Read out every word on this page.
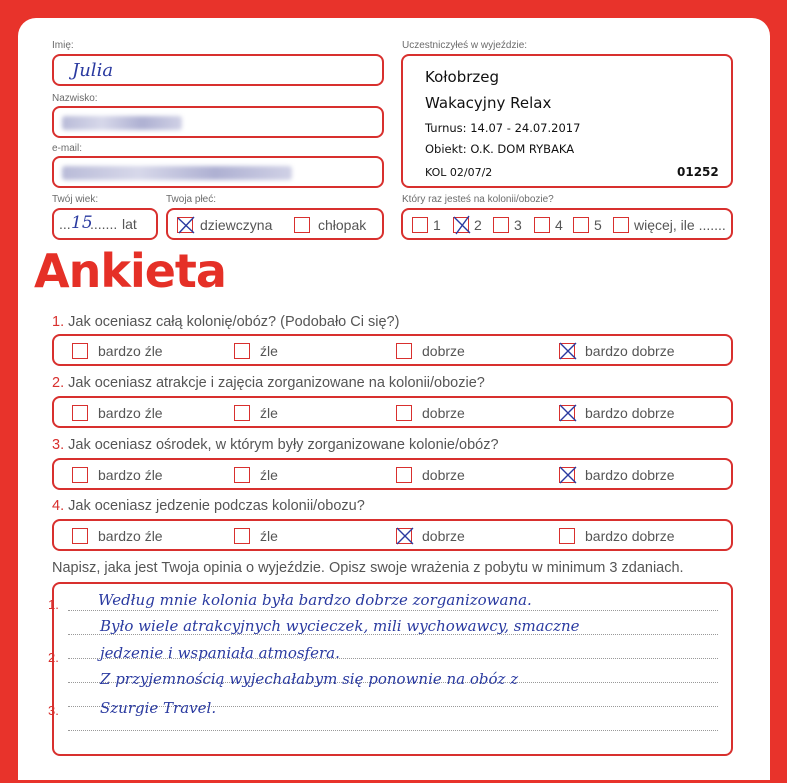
Imię:
Julia
Nazwisko:
e-mail:
Twój wiek:
... 15
....... lat
Twoja płeć:
dziewczyna	chłopak
Uczestniczyłeś w wyjeździe:
Kołobrzeg
Wakacyjny Relax
Turnus: 14.07 - 24.07.2017
Obiekt: O.K. DOM RYBAKA
KOL 02/07/2	01252
Który raz jesteś na kolonii/obozie?
1 2 3 4 5 więcej, ile .......
Ankieta
1. Jak oceniasz całą kolonię/obóz? (Podobało Ci się?)
bardzo źle	źle	dobrze	bardzo dobrze
2. Jak oceniasz atrakcje i zajęcia zorganizowane na kolonii/obozie?
bardzo źle	źle	dobrze	bardzo dobrze
3. Jak oceniasz ośrodek, w którym były zorganizowane kolonie/obóz?
bardzo źle	źle	dobrze	bardzo dobrze
4. Jak oceniasz jedzenie podczas kolonii/obozu?
bardzo źle	źle	dobrze	bardzo dobrze
Napisz, jaka jest Twoja opinia o wyjeździe. Opisz swoje wrażenia z pobytu w minimum 3 zdaniach.
1.
2.
3.
Według mnie kolonia była bardzo dobrze zorganizowana.
Było wiele atrakcyjnych wycieczek, mili wychowawcy, smaczne
jedzenie i wspaniała atmosfera.
Z przyjemnością wyjechałabym się ponownie na obóz z
Szurgie Travel.
